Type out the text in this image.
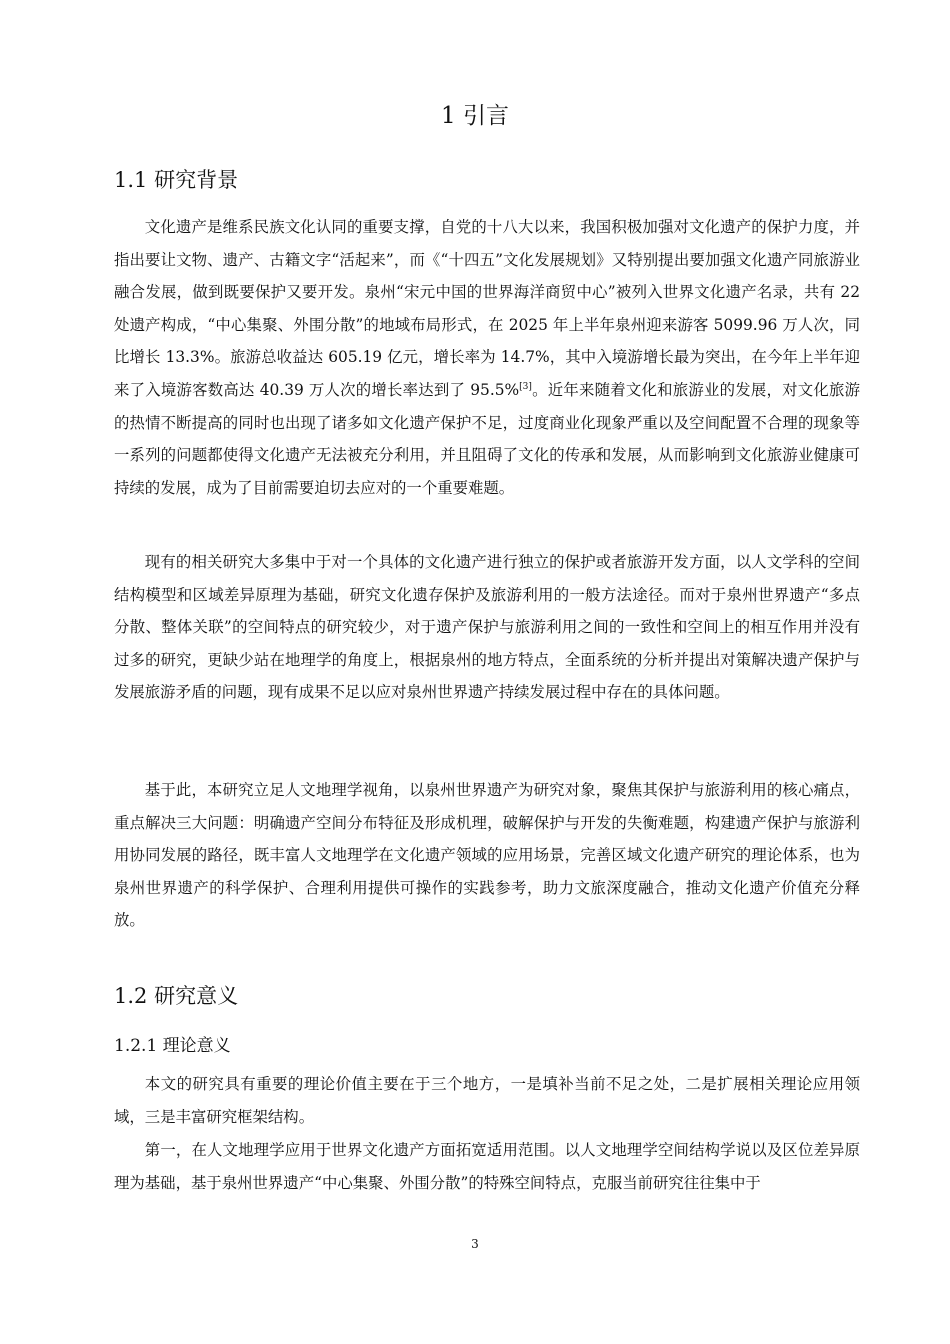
1 引言
1.1 研究背景

文化遗产是维系民族文化认同的重要支撑，自党的十八大以来，我国积极加强对文化遗产的保护力度，并指出要让文物、遗产、古籍文字“活起来”，而《“十四五”文化发展规划》又特别提出要加强文化遗产同旅游业融合发展，做到既要保护又要开发。泉州“宋元中国的世界海洋商贸中心”被列入世界文化遗产名录，共有 22 处遗产构成，“中心集聚、外围分散”的地域布局形式，在 2025 年上半年泉州迎来游客 5099.96 万人次，同比增长 13.3%。旅游总收益达 605.19 亿元，增长率为 14.7%，其中入境游增长最为突出，在今年上半年迎来了入境游客数高达 40.39 万人次的增长率达到了 95.5%[3]。近年来随着文化和旅游业的发展，对文化旅游的热情不断提高的同时也出现了诸多如文化遗产保护不足，过度商业化现象严重以及空间配置不合理的现象等一系列的问题都使得文化遗产无法被充分利用，并且阻碍了文化的传承和发展，从而影响到文化旅游业健康可持续的发展，成为了目前需要迫切去应对的一个重要难题。

现有的相关研究大多集中于对一个具体的文化遗产进行独立的保护或者旅游开发方面，以人文学科的空间结构模型和区域差异原理为基础，研究文化遗存保护及旅游利用的一般方法途径。而对于泉州世界遗产“多点分散、整体关联”的空间特点的研究较少，对于遗产保护与旅游利用之间的一致性和空间上的相互作用并没有过多的研究，更缺少站在地理学的角度上，根据泉州的地方特点，全面系统的分析并提出对策解决遗产保护与发展旅游矛盾的问题，现有成果不足以应对泉州世界遗产持续发展过程中存在的具体问题。

基于此，本研究立足人文地理学视角，以泉州世界遗产为研究对象，聚焦其保护与旅游利用的核心痛点，重点解决三大问题：明确遗产空间分布特征及形成机理，破解保护与开发的失衡难题，构建遗产保护与旅游利用协同发展的路径，既丰富人文地理学在文化遗产领域的应用场景，完善区域文化遗产研究的理论体系，也为泉州世界遗产的科学保护、合理利用提供可操作的实践参考，助力文旅深度融合，推动文化遗产价值充分释放。

1.2 研究意义
1.2.1 理论意义

本文的研究具有重要的理论价值主要在于三个地方，一是填补当前不足之处，二是扩展相关理论应用领域，三是丰富研究框架结构。

第一，在人文地理学应用于世界文化遗产方面拓宽适用范围。以人文地理学空间结构学说以及区位差异原理为基础，基于泉州世界遗产“中心集聚、外围分散”的特殊空间特点，克服当前研究往往集中于

3
